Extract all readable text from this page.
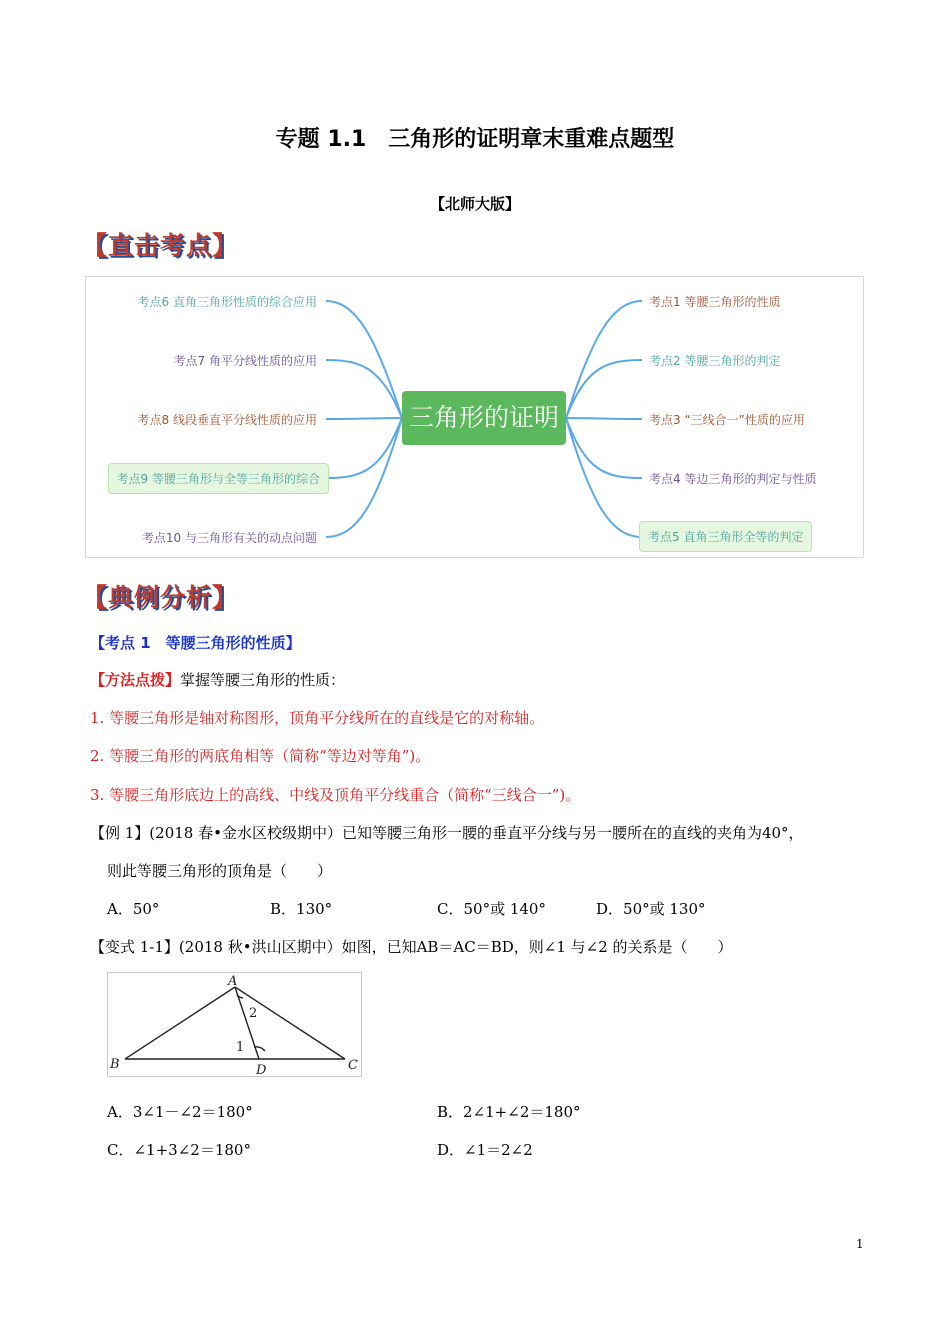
专题 1.1　三角形的证明章末重难点题型
【北师大版】
【直击考点】
三角形的证明
考点6 直角三角形性质的综合应用
考点7 角平分线性质的应用
考点8 线段垂直平分线性质的应用
考点9 等腰三角形与全等三角形的综合
考点10 与三角形有关的动点问题
考点1 等腰三角形的性质
考点2 等腰三角形的判定
考点3 “三线合一”性质的应用
考点4 等边三角形的判定与性质
考点5 直角三角形全等的判定
【典例分析】
【考点 1　等腰三角形的性质】
【方法点拨】掌握等腰三角形的性质：
1. 等腰三角形是轴对称图形，顶角平分线所在的直线是它的对称轴。
2. 等腰三角形的两底角相等（简称“等边对等角”)。
3. 等腰三角形底边上的高线、中线及顶角平分线重合（简称“三线合一”)。
【例 1】(2018 春•金水区校级期中）已知等腰三角形一腰的垂直平分线与另一腰所在的直线的夹角为40°，
则此等腰三角形的顶角是（　　）
A．50°	B．130°	C．50°或 140°	D．50°或 130°
【变式 1-1】(2018 秋•洪山区期中）如图，已知AB＝AC＝BD，则∠1 与∠2 的关系是（　　）
A
B	C
D
1
2
A．3∠1－∠2＝180°	B．2∠1+∠2＝180°
C．∠1+3∠2＝180°	D．∠1＝2∠2
1
